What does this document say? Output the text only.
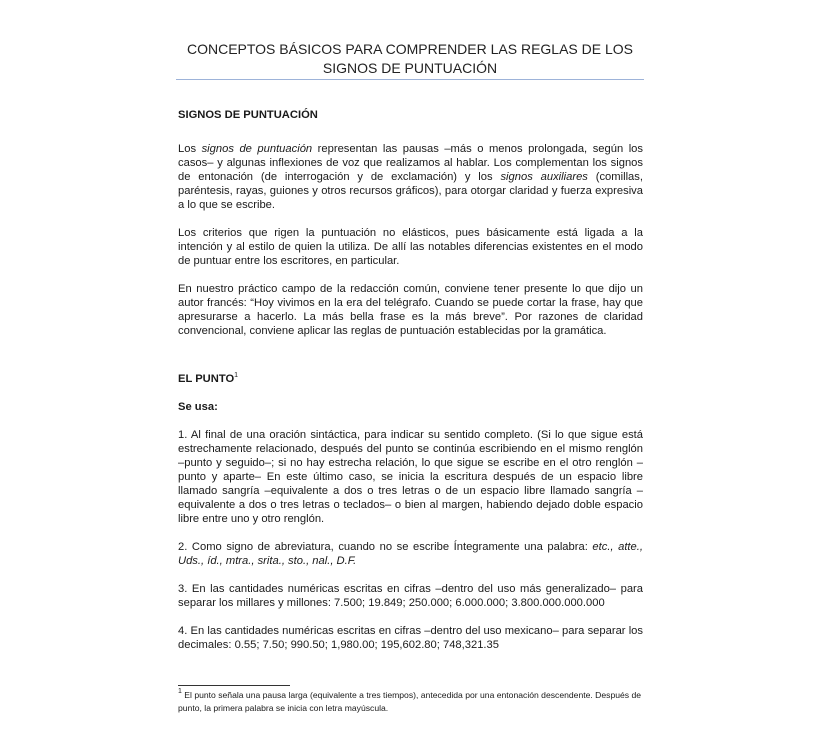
CONCEPTOS BÁSICOS PARA COMPRENDER LAS REGLAS DE LOS
SIGNOS DE PUNTUACIÓN

SIGNOS DE PUNTUACIÓN

Los signos de puntuación representan las pausas –más o menos prolongada, según los casos– y algunas inflexiones de voz que realizamos al hablar. Los complementan los signos de entonación (de interrogación y de exclamación) y los signos auxiliares (comillas, paréntesis, rayas, guiones y otros recursos gráficos), para otorgar claridad y fuerza expresiva a lo que se escribe.

Los criterios que rigen la puntuación no elásticos, pues básicamente está ligada a la intención y al estilo de quien la utiliza. De allí las notables diferencias existentes en el modo de puntuar entre los escritores, en particular.

En nuestro práctico campo de la redacción común, conviene tener presente lo que dijo un autor francés: “Hoy vivimos en la era del telégrafo. Cuando se puede cortar la frase, hay que apresurarse a hacerlo. La más bella frase es la más breve”. Por razones de claridad convencional, conviene aplicar las reglas de puntuación establecidas por la gramática.

EL PUNTO$^1$

Se usa:

1. Al final de una oración sintáctica, para indicar su sentido completo. (Si lo que sigue está estrechamente relacionado, después del punto se continúa escribiendo en el mismo renglón –punto y seguido–; si no hay estrecha relación, lo que sigue se escribe en el otro renglón –punto y aparte– En este último caso, se inicia la escritura después de un espacio libre llamado sangría –equivalente a dos o tres letras o de un espacio libre llamado sangría –equivalente a dos o tres letras o teclados– o bien al margen, habiendo dejado doble espacio libre entre uno y otro renglón.

2. Como signo de abreviatura, cuando no se escribe Íntegramente una palabra: etc., atte., Uds., íd., mtra., srita., sto., nal., D.F.

3. En las cantidades numéricas escritas en cifras –dentro del uso más generalizado– para separar los millares y millones: 7.500; 19.849; 250.000; 6.000.000; 3.800.000.000.000

4. En las cantidades numéricas escritas en cifras –dentro del uso mexicano– para separar los decimales: 0.55; 7.50; 990.50; 1,980.00; 195,602.80; 748,321.35

$^1$ El punto señala una pausa larga (equivalente a tres tiempos), antecedida por una entonación descendente. Después de punto, la primera palabra se inicia con letra mayúscula.
